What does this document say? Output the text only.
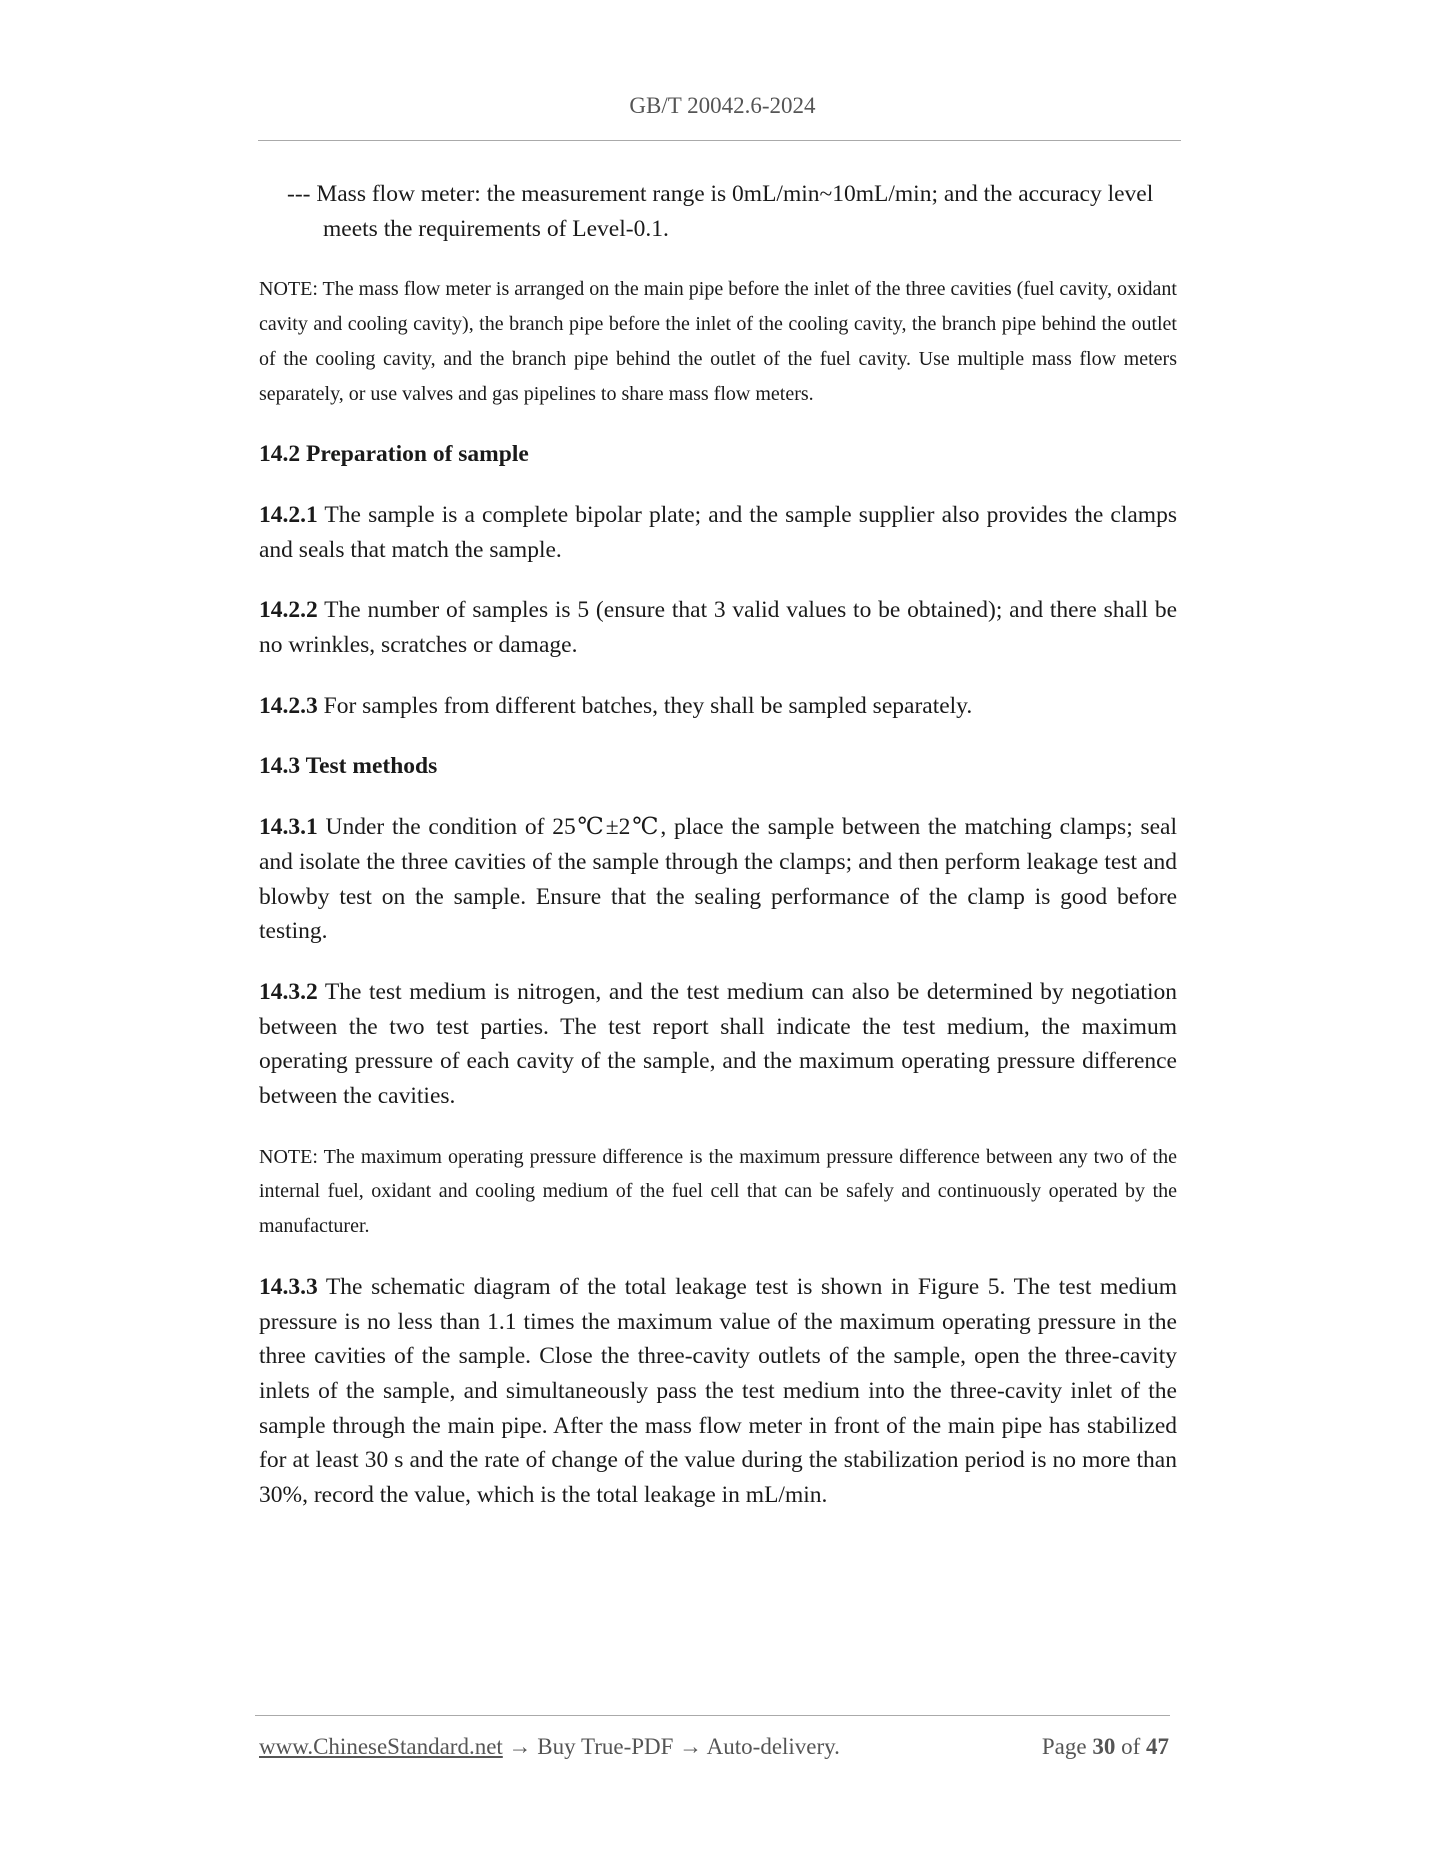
GB/T 20042.6-2024
--- Mass flow meter: the measurement range is 0mL/min~10mL/min; and the accuracy level meets the requirements of Level-0.1.
NOTE: The mass flow meter is arranged on the main pipe before the inlet of the three cavities (fuel cavity, oxidant cavity and cooling cavity), the branch pipe before the inlet of the cooling cavity, the branch pipe behind the outlet of the cooling cavity, and the branch pipe behind the outlet of the fuel cavity. Use multiple mass flow meters separately, or use valves and gas pipelines to share mass flow meters.
14.2 Preparation of sample
14.2.1 The sample is a complete bipolar plate; and the sample supplier also provides the clamps and seals that match the sample.
14.2.2 The number of samples is 5 (ensure that 3 valid values to be obtained); and there shall be no wrinkles, scratches or damage.
14.2.3 For samples from different batches, they shall be sampled separately.
14.3 Test methods
14.3.1 Under the condition of 25℃±2℃, place the sample between the matching clamps; seal and isolate the three cavities of the sample through the clamps; and then perform leakage test and blowby test on the sample. Ensure that the sealing performance of the clamp is good before testing.
14.3.2 The test medium is nitrogen, and the test medium can also be determined by negotiation between the two test parties. The test report shall indicate the test medium, the maximum operating pressure of each cavity of the sample, and the maximum operating pressure difference between the cavities.
NOTE: The maximum operating pressure difference is the maximum pressure difference between any two of the internal fuel, oxidant and cooling medium of the fuel cell that can be safely and continuously operated by the manufacturer.
14.3.3 The schematic diagram of the total leakage test is shown in Figure 5. The test medium pressure is no less than 1.1 times the maximum value of the maximum operating pressure in the three cavities of the sample. Close the three-cavity outlets of the sample, open the three-cavity inlets of the sample, and simultaneously pass the test medium into the three-cavity inlet of the sample through the main pipe. After the mass flow meter in front of the main pipe has stabilized for at least 30 s and the rate of change of the value during the stabilization period is no more than 30%, record the value, which is the total leakage in mL/min.
www.ChineseStandard.net → Buy True-PDF → Auto-delivery.	Page 30 of 47
